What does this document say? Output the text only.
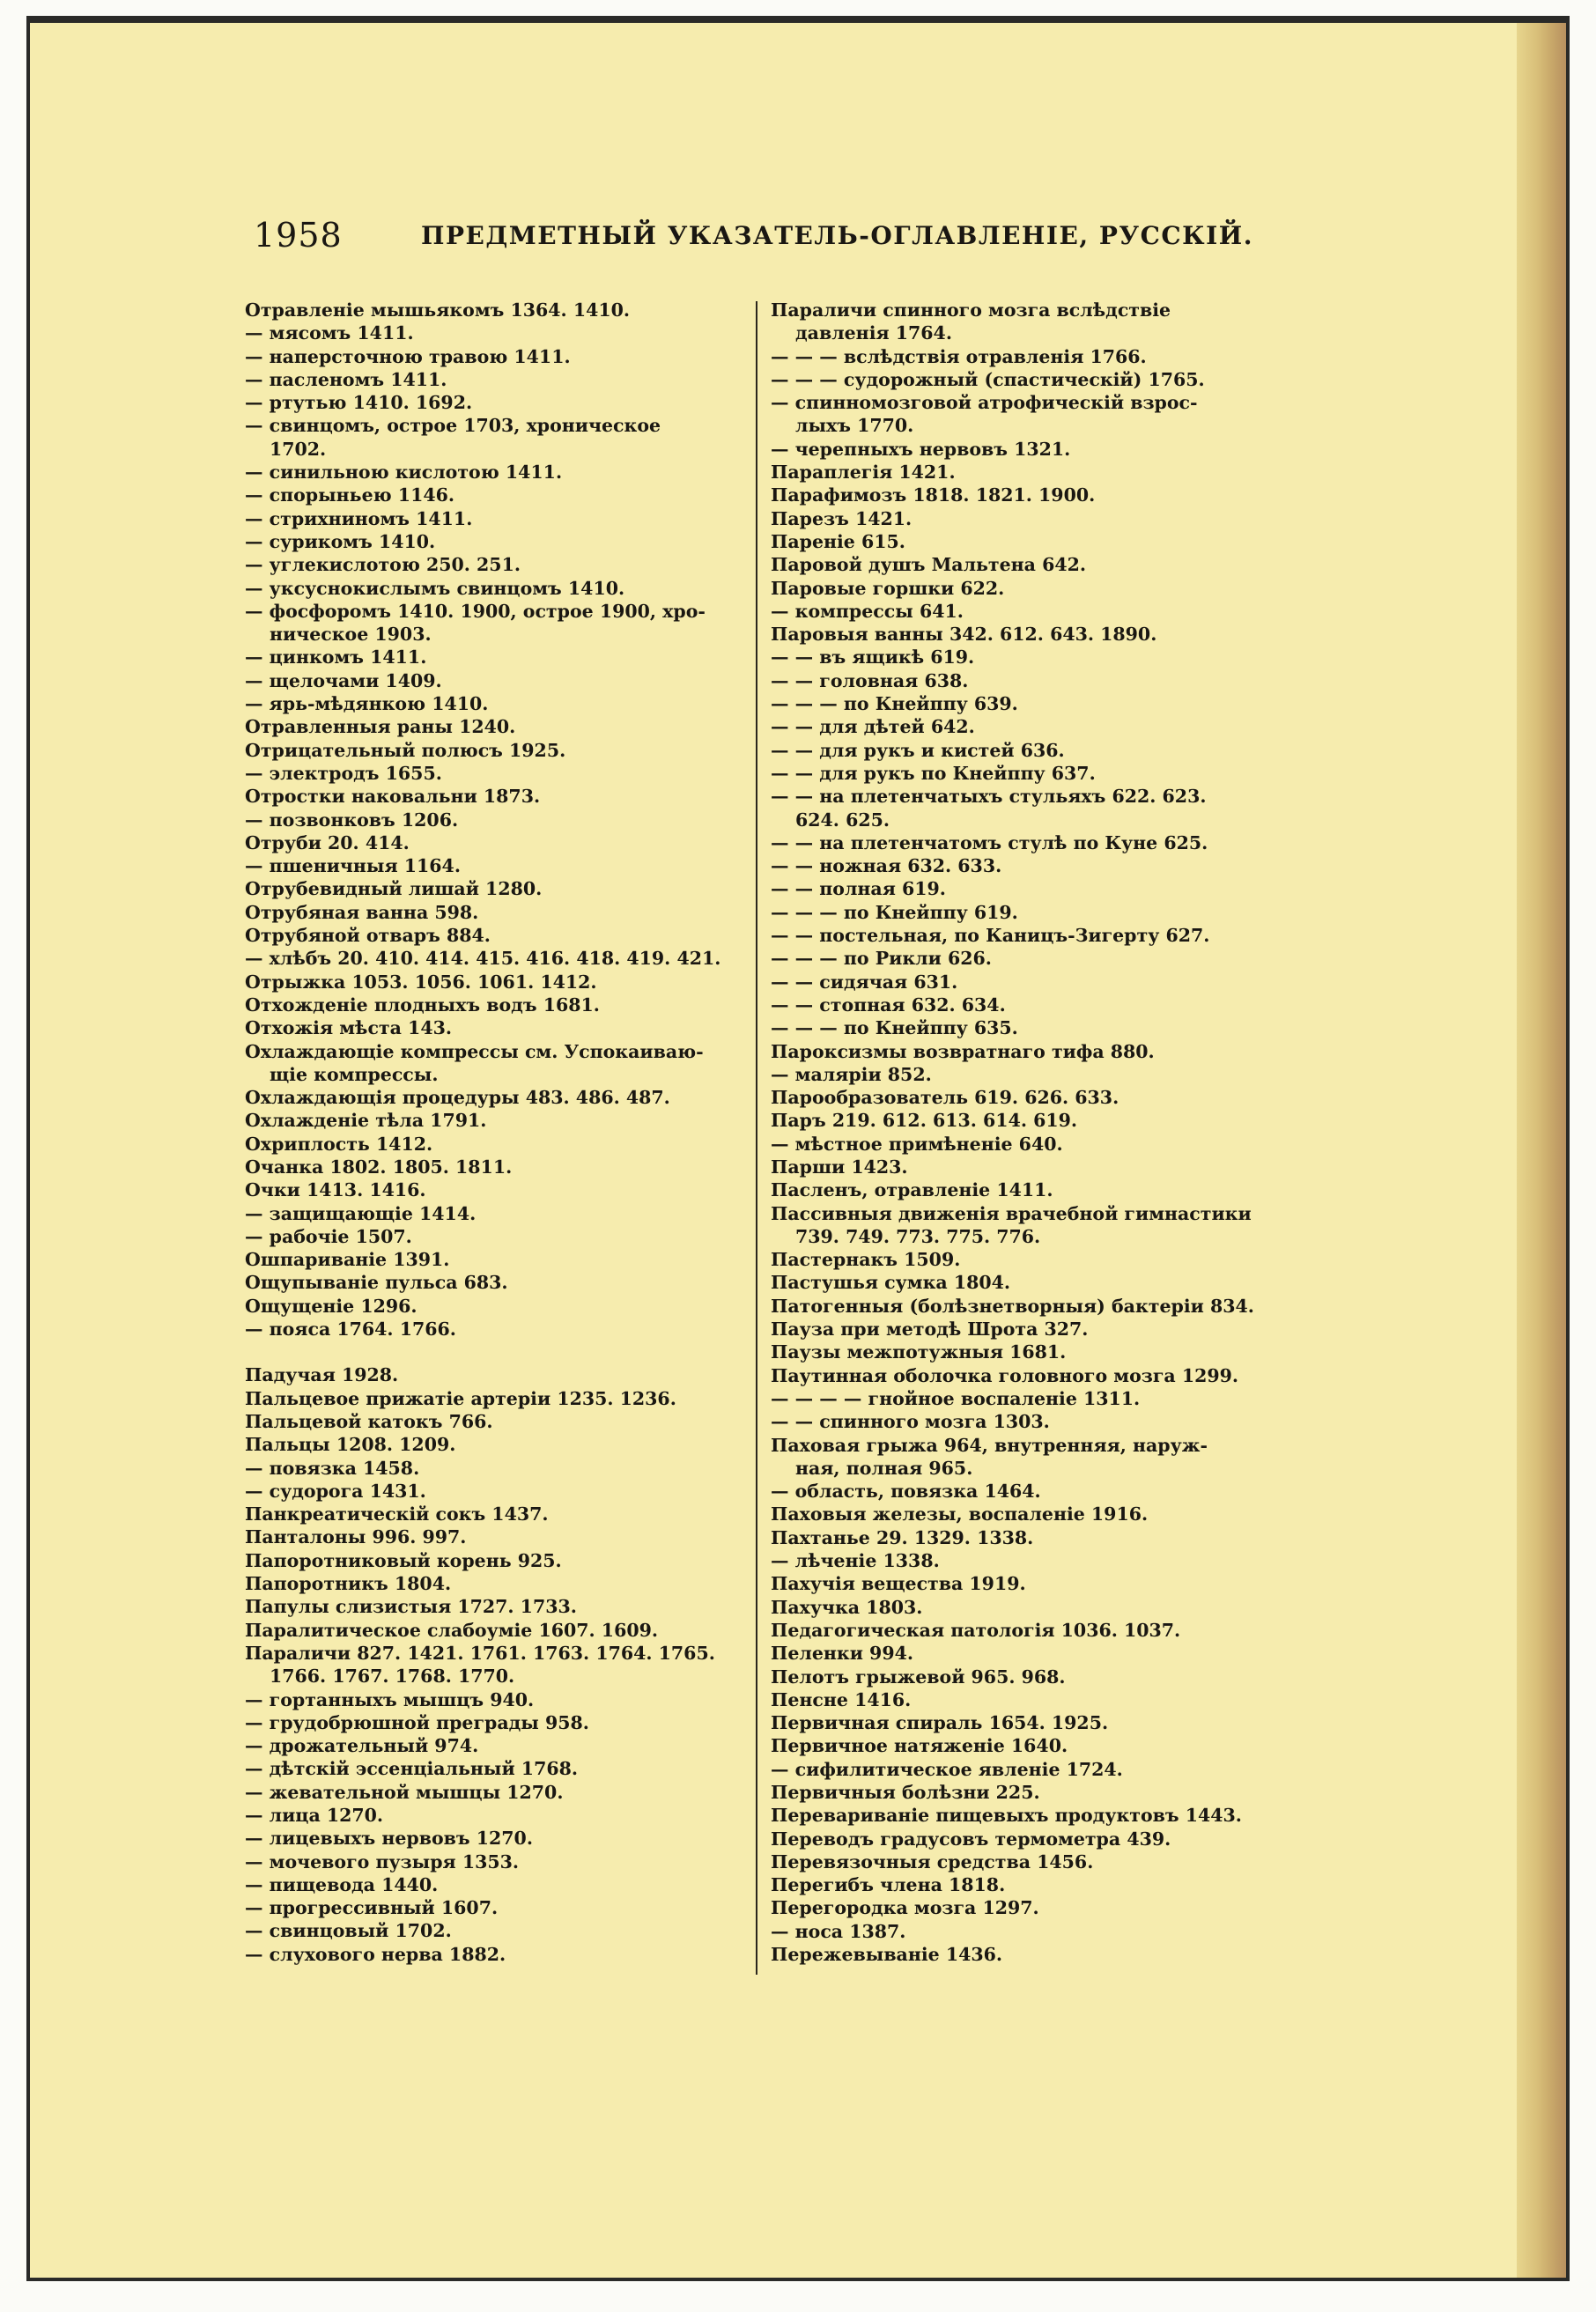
1958	ПРЕДМЕТНЫЙ УКАЗАТЕЛЬ-ОГЛАВЛЕНІЕ, РУССКІЙ.
Отравленіе мышьякомъ 1364. 1410.
— мясомъ 1411.
— наперсточною травою 1411.
— пасленомъ 1411.
— ртутью 1410. 1692.
— свинцомъ, острое 1703, хроническое
1702.
— синильною кислотою 1411.
— спорыньею 1146.
— стрихниномъ 1411.
— сурикомъ 1410.
— углекислотою 250. 251.
— уксуснокислымъ свинцомъ 1410.
— фосфоромъ 1410. 1900, острое 1900, хро-
ническое 1903.
— цинкомъ 1411.
— щелочами 1409.
— ярь-мѣдянкою 1410.
Отравленныя раны 1240.
Отрицательный полюсъ 1925.
— электродъ 1655.
Отростки наковальни 1873.
— позвонковъ 1206.
Отруби 20. 414.
— пшеничныя 1164.
Отрубевидный лишай 1280.
Отрубяная ванна 598.
Отрубяной отваръ 884.
— хлѣбъ 20. 410. 414. 415. 416. 418. 419. 421.
Отрыжка 1053. 1056. 1061. 1412.
Отхожденіе плодныхъ водъ 1681.
Отхожія мѣста 143.
Охлаждающіе компрессы см. Успокаиваю-
щіе компрессы.
Охлаждающія процедуры 483. 486. 487.
Охлажденіе тѣла 1791.
Охриплость 1412.
Очанка 1802. 1805. 1811.
Очки 1413. 1416.
— защищающіе 1414.
— рабочіе 1507.
Ошпариваніе 1391.
Ощупываніе пульса 683.
Ощущеніе 1296.
— пояса 1764. 1766.
Падучая 1928.
Пальцевое прижатіе артеріи 1235. 1236.
Пальцевой катокъ 766.
Пальцы 1208. 1209.
— повязка 1458.
— судорога 1431.
Панкреатическій сокъ 1437.
Панталоны 996. 997.
Папоротниковый корень 925.
Папоротникъ 1804.
Папулы слизистыя 1727. 1733.
Паралитическое слабоуміе 1607. 1609.
Параличи 827. 1421. 1761. 1763. 1764. 1765.
1766. 1767. 1768. 1770.
— гортанныхъ мышцъ 940.
— грудобрюшной преграды 958.
— дрожательный 974.
— дѣтскій эссенціальный 1768.
— жевательной мышцы 1270.
— лица 1270.
— лицевыхъ нервовъ 1270.
— мочевого пузыря 1353.
— пищевода 1440.
— прогрессивный 1607.
— свинцовый 1702.
— слухового нерва 1882.
Параличи спинного мозга вслѣдствіе
давленія 1764.
— — — вслѣдствія отравленія 1766.
— — — судорожный (спастическій) 1765.
— спинномозговой атрофическій взрос-
лыхъ 1770.
— черепныхъ нервовъ 1321.
Параплегія 1421.
Парафимозъ 1818. 1821. 1900.
Парезъ 1421.
Пареніе 615.
Паровой душъ Мальтена 642.
Паровые горшки 622.
— компрессы 641.
Паровыя ванны 342. 612. 643. 1890.
— — въ ящикѣ 619.
— — головная 638.
— — — по Кнейппу 639.
— — для дѣтей 642.
— — для рукъ и кистей 636.
— — для рукъ по Кнейппу 637.
— — на плетенчатыхъ стульяхъ 622. 623.
624. 625.
— — на плетенчатомъ стулѣ по Куне 625.
— — ножная 632. 633.
— — полная 619.
— — — по Кнейппу 619.
— — постельная, по Каницъ-Зигерту 627.
— — — по Рикли 626.
— — сидячая 631.
— — стопная 632. 634.
— — — по Кнейппу 635.
Пароксизмы возвратнаго тифа 880.
— маляріи 852.
Парообразователь 619. 626. 633.
Паръ 219. 612. 613. 614. 619.
— мѣстное примѣненіе 640.
Парши 1423.
Пасленъ, отравленіе 1411.
Пассивныя движенія врачебной гимнастики
739. 749. 773. 775. 776.
Пастернакъ 1509.
Пастушья сумка 1804.
Патогенныя (болѣзнетворныя) бактеріи 834.
Пауза при методѣ Шрота 327.
Паузы межпотужныя 1681.
Паутинная оболочка головного мозга 1299.
— — — — гнойное воспаленіе 1311.
— — спинного мозга 1303.
Паховая грыжа 964, внутренняя, наруж-
ная, полная 965.
— область, повязка 1464.
Паховыя железы, воспаленіе 1916.
Пахтанье 29. 1329. 1338.
— лѣченіе 1338.
Пахучія вещества 1919.
Пахучка 1803.
Педагогическая патологія 1036. 1037.
Пеленки 994.
Пелотъ грыжевой 965. 968.
Пенсне 1416.
Первичная спираль 1654. 1925.
Первичное натяженіе 1640.
— сифилитическое явленіе 1724.
Первичныя болѣзни 225.
Перевариваніе пищевыхъ продуктовъ 1443.
Переводъ градусовъ термометра 439.
Перевязочныя средства 1456.
Перегибъ члена 1818.
Перегородка мозга 1297.
— носа 1387.
Пережевываніе 1436.
